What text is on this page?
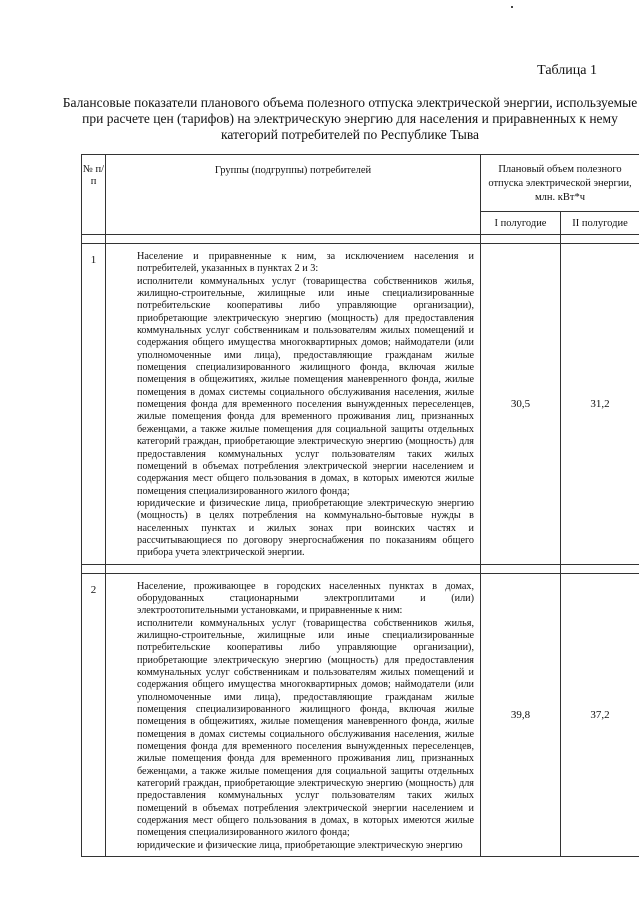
Таблица 1
Балансовые показатели планового объема полезного отпуска электрической энергии, используемые при расчете цен (тарифов) на электрическую энергию для населения и приравненных к нему категорий потребителей по Республике Тыва
№ п/п	Группы (подгруппы) потребителей	Плановый объем полезного отпуска электрической энергии, млн. кВт*ч	
		I полугодие	II полугодие

1	Население и приравненные к ним, за исключением населения и потребителей, указанных в пунктах 2 и 3:

исполнители коммунальных услуг (товарищества собственников жилья, жилищно-строительные, жилищные или иные специализированные потребительские кооперативы либо управляющие организации), приобретающие электрическую энергию (мощность) для предоставления коммунальных услуг собственникам и пользователям жилых помещений и содержания общего имущества многоквартирных домов; наймодатели (или уполномоченные ими лица), предоставляющие гражданам жилые помещения специализированного жилищного фонда, включая жилые помещения в общежитиях, жилые помещения маневренного фонда, жилые помещения в домах системы социального обслуживания населения, жилые помещения фонда для временного поселения вынужденных переселенцев, жилые помещения фонда для временного проживания лиц, признанных беженцами, а также жилые помещения для социальной защиты отдельных категорий граждан, приобретающие электрическую энергию (мощность) для предоставления коммунальных услуг пользователям таких жилых помещений в объемах потребления электрической энергии населением и содержания мест общего пользования в домах, в которых имеются жилые помещения специализированного жилого фонда;

юридические и физические лица, приобретающие электрическую энергию (мощность) в целях потребления на коммунально-бытовые нужды в населенных пунктах и жилых зонах при воинских частях и рассчитывающиеся по договору энергоснабжения по показаниям общего прибора учета электрической энергии.	30,5	31,2

2	Население, проживающее в городских населенных пунктах в домах, оборудованных стационарными электроплитами и (или) электроотопительными установками, и приравненные к ним:

исполнители коммунальных услуг (товарищества собственников жилья, жилищно-строительные, жилищные или иные специализированные потребительские кооперативы либо управляющие организации), приобретающие электрическую энергию (мощность) для предоставления коммунальных услуг собственникам и пользователям жилых помещений и содержания общего имущества многоквартирных домов; наймодатели (или уполномоченные ими лица), предоставляющие гражданам жилые помещения специализированного жилищного фонда, включая жилые помещения в общежитиях, жилые помещения маневренного фонда, жилые помещения в домах системы социального обслуживания населения, жилые помещения фонда для временного поселения вынужденных переселенцев, жилые помещения фонда для временного проживания лиц, признанных беженцами, а также жилые помещения для социальной защиты отдельных категорий граждан, приобретающие электрическую энергию (мощность) для предоставления коммунальных услуг пользователям таких жилых помещений в объемах потребления электрической энергии населением и содержания мест общего пользования в домах, в которых имеются жилые помещения специализированного жилого фонда;

юридические и физические лица, приобретающие электрическую энергию	39,8	37,2
